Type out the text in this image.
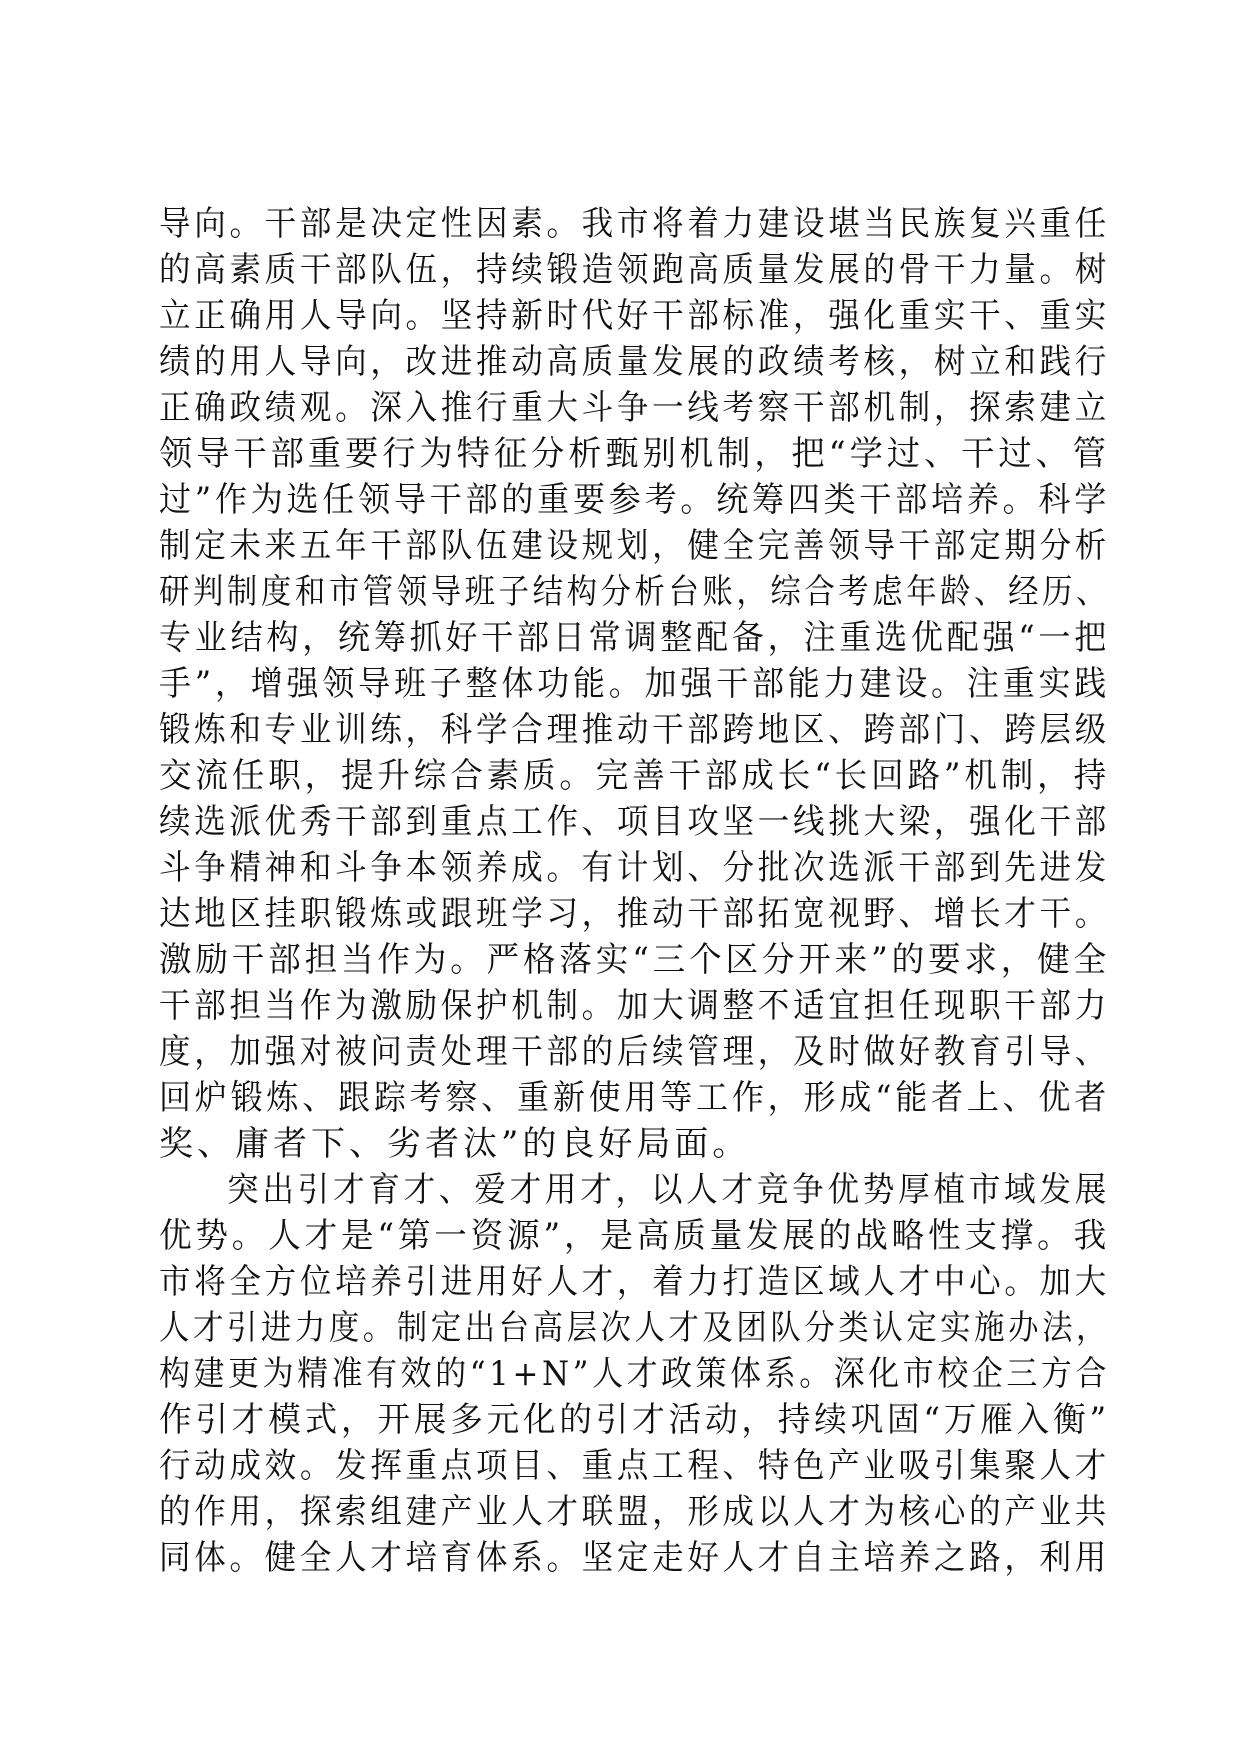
导向。干部是决定性因素。我市将着力建设堪当民族复兴重任
的高素质干部队伍，持续锻造领跑高质量发展的骨干力量。树
立正确用人导向。坚持新时代好干部标准，强化重实干、重实
绩的用人导向，改进推动高质量发展的政绩考核，树立和践行
正确政绩观。深入推行重大斗争一线考察干部机制，探索建立
领导干部重要行为特征分析甄别机制，把“学过、干过、管
过”作为选任领导干部的重要参考。统筹四类干部培养。科学
制定未来五年干部队伍建设规划，健全完善领导干部定期分析
研判制度和市管领导班子结构分析台账，综合考虑年龄、经历、
专业结构，统筹抓好干部日常调整配备，注重选优配强“一把
手”，增强领导班子整体功能。加强干部能力建设。注重实践
锻炼和专业训练，科学合理推动干部跨地区、跨部门、跨层级
交流任职，提升综合素质。完善干部成长“长回路”机制，持
续选派优秀干部到重点工作、项目攻坚一线挑大梁，强化干部
斗争精神和斗争本领养成。有计划、分批次选派干部到先进发
达地区挂职锻炼或跟班学习，推动干部拓宽视野、增长才干。
激励干部担当作为。严格落实“三个区分开来”的要求，健全
干部担当作为激励保护机制。加大调整不适宜担任现职干部力
度，加强对被问责处理干部的后续管理，及时做好教育引导、
回炉锻炼、跟踪考察、重新使用等工作，形成“能者上、优者
奖、庸者下、劣者汰”的良好局面。
突出引才育才、爱才用才，以人才竞争优势厚植市域发展
优势。人才是“第一资源”，是高质量发展的战略性支撑。我
市将全方位培养引进用好人才，着力打造区域人才中心。加大
人才引进力度。制定出台高层次人才及团队分类认定实施办法，
构建更为精准有效的“1+N”人才政策体系。深化市校企三方合
作引才模式，开展多元化的引才活动，持续巩固“万雁入衡”
行动成效。发挥重点项目、重点工程、特色产业吸引集聚人才
的作用，探索组建产业人才联盟，形成以人才为核心的产业共
同体。健全人才培育体系。坚定走好人才自主培养之路，利用
